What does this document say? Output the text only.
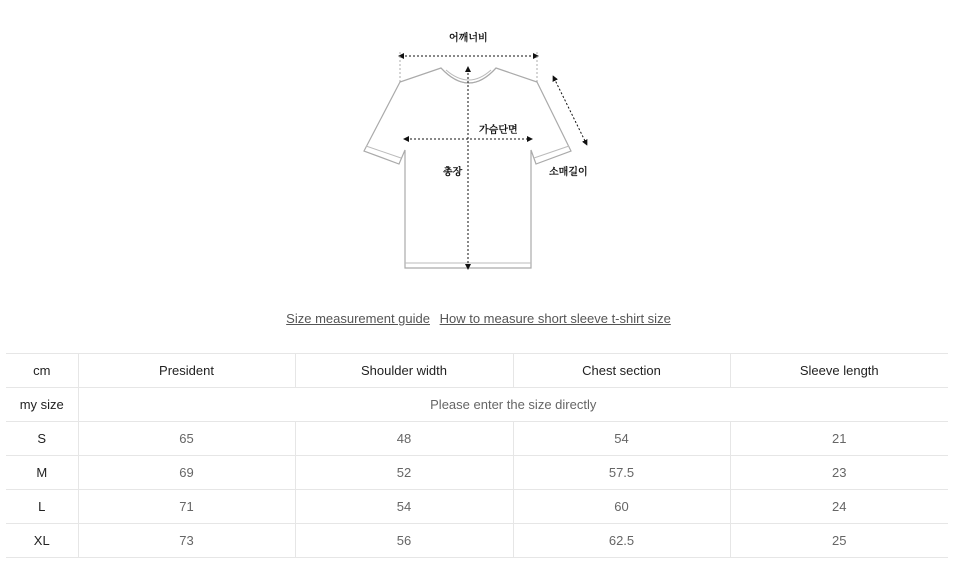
어깨너비
가슴단면
총장	소매길이
Size measurement guide How to measure short sleeve t-shirt size
cm	President	Shoulder width	Chest section	Sleeve length
my size	Please enter the size directly			
S	65	48	54	21
M	69	52	57.5	23
L	71	54	60	24
XL	73	56	62.5	25
